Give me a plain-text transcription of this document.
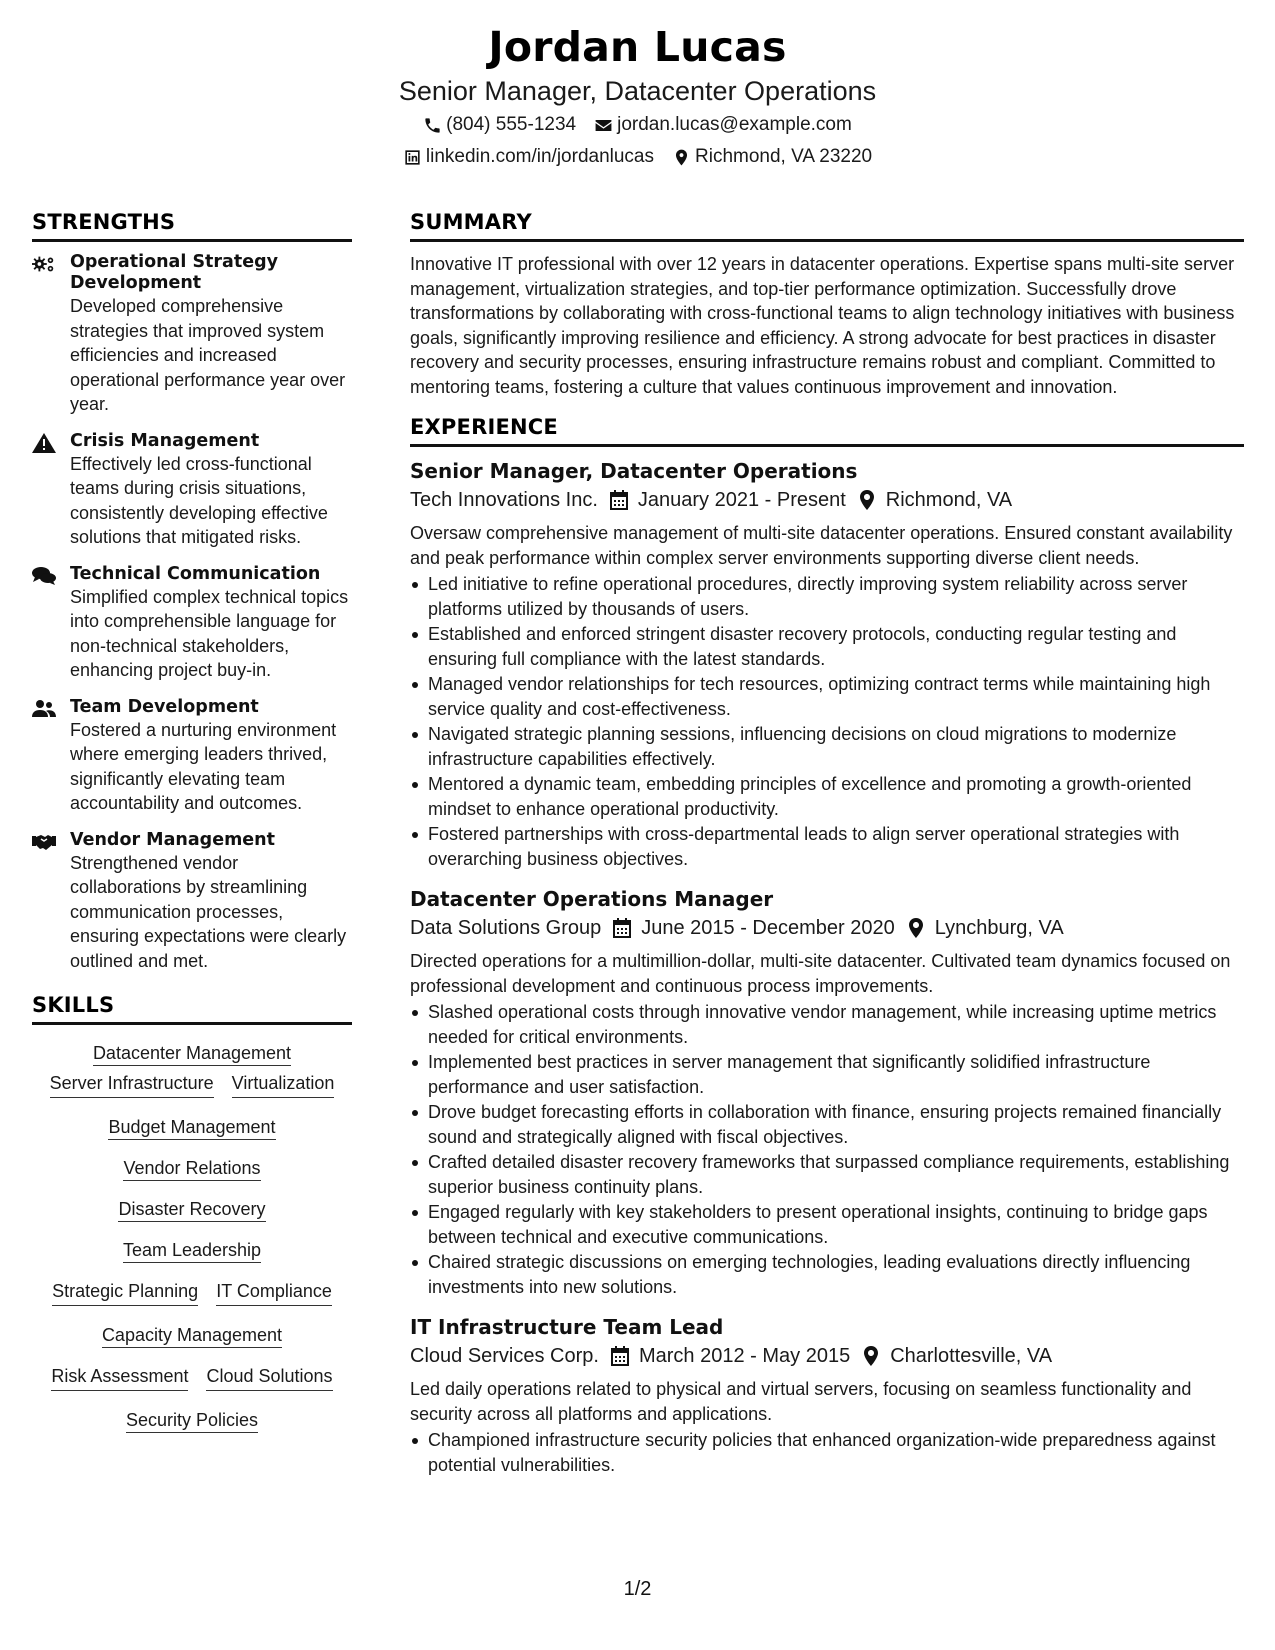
Jordan Lucas
Senior Manager, Datacenter Operations
(804) 555-1234 jordan.lucas@example.com
linkedin.com/in/jordanlucas Richmond, VA 23220
STRENGTHS
Operational Strategy Development
Developed comprehensive strategies that improved system efficiencies and increased operational performance year over year.
Crisis Management
Effectively led cross-functional teams during crisis situations, consistently developing effective solutions that mitigated risks.
Technical Communication
Simplified complex technical topics into comprehensible language for non-technical stakeholders, enhancing project buy-in.
Team Development
Fostered a nurturing environment where emerging leaders thrived, significantly elevating team accountability and outcomes.
Vendor Management
Strengthened vendor collaborations by streamlining communication processes, ensuring expectations were clearly outlined and met.
SKILLS
Datacenter Management
Server Infrastructure Virtualization
Budget Management
Vendor Relations
Disaster Recovery
Team Leadership
Strategic Planning IT Compliance
Capacity Management
Risk Assessment Cloud Solutions
Security Policies
SUMMARY
Innovative IT professional with over 12 years in datacenter operations. Expertise spans multi-site server management, virtualization strategies, and top-tier performance optimization. Successfully drove transformations by collaborating with cross-functional teams to align technology initiatives with business goals, significantly improving resilience and efficiency. A strong advocate for best practices in disaster recovery and security processes, ensuring infrastructure remains robust and compliant. Committed to mentoring teams, fostering a culture that values continuous improvement and innovation.
EXPERIENCE
Senior Manager, Datacenter Operations
Tech Innovations Inc. January 2021 - Present Richmond, VA
Oversaw comprehensive management of multi-site datacenter operations. Ensured constant availability and peak performance within complex server environments supporting diverse client needs.
Led initiative to refine operational procedures, directly improving system reliability across server platforms utilized by thousands of users.
Established and enforced stringent disaster recovery protocols, conducting regular testing and ensuring full compliance with the latest standards.
Managed vendor relationships for tech resources, optimizing contract terms while maintaining high service quality and cost-effectiveness.
Navigated strategic planning sessions, influencing decisions on cloud migrations to modernize infrastructure capabilities effectively.
Mentored a dynamic team, embedding principles of excellence and promoting a growth-oriented mindset to enhance operational productivity.
Fostered partnerships with cross-departmental leads to align server operational strategies with overarching business objectives.
Datacenter Operations Manager
Data Solutions Group June 2015 - December 2020 Lynchburg, VA
Directed operations for a multimillion-dollar, multi-site datacenter. Cultivated team dynamics focused on professional development and continuous process improvements.
Slashed operational costs through innovative vendor management, while increasing uptime metrics needed for critical environments.
Implemented best practices in server management that significantly solidified infrastructure performance and user satisfaction.
Drove budget forecasting efforts in collaboration with finance, ensuring projects remained financially sound and strategically aligned with fiscal objectives.
Crafted detailed disaster recovery frameworks that surpassed compliance requirements, establishing superior business continuity plans.
Engaged regularly with key stakeholders to present operational insights, continuing to bridge gaps between technical and executive communications.
Chaired strategic discussions on emerging technologies, leading evaluations directly influencing investments into new solutions.
IT Infrastructure Team Lead
Cloud Services Corp. March 2012 - May 2015 Charlottesville, VA
Led daily operations related to physical and virtual servers, focusing on seamless functionality and security across all platforms and applications.
Championed infrastructure security policies that enhanced organization-wide preparedness against potential vulnerabilities.
1/2
